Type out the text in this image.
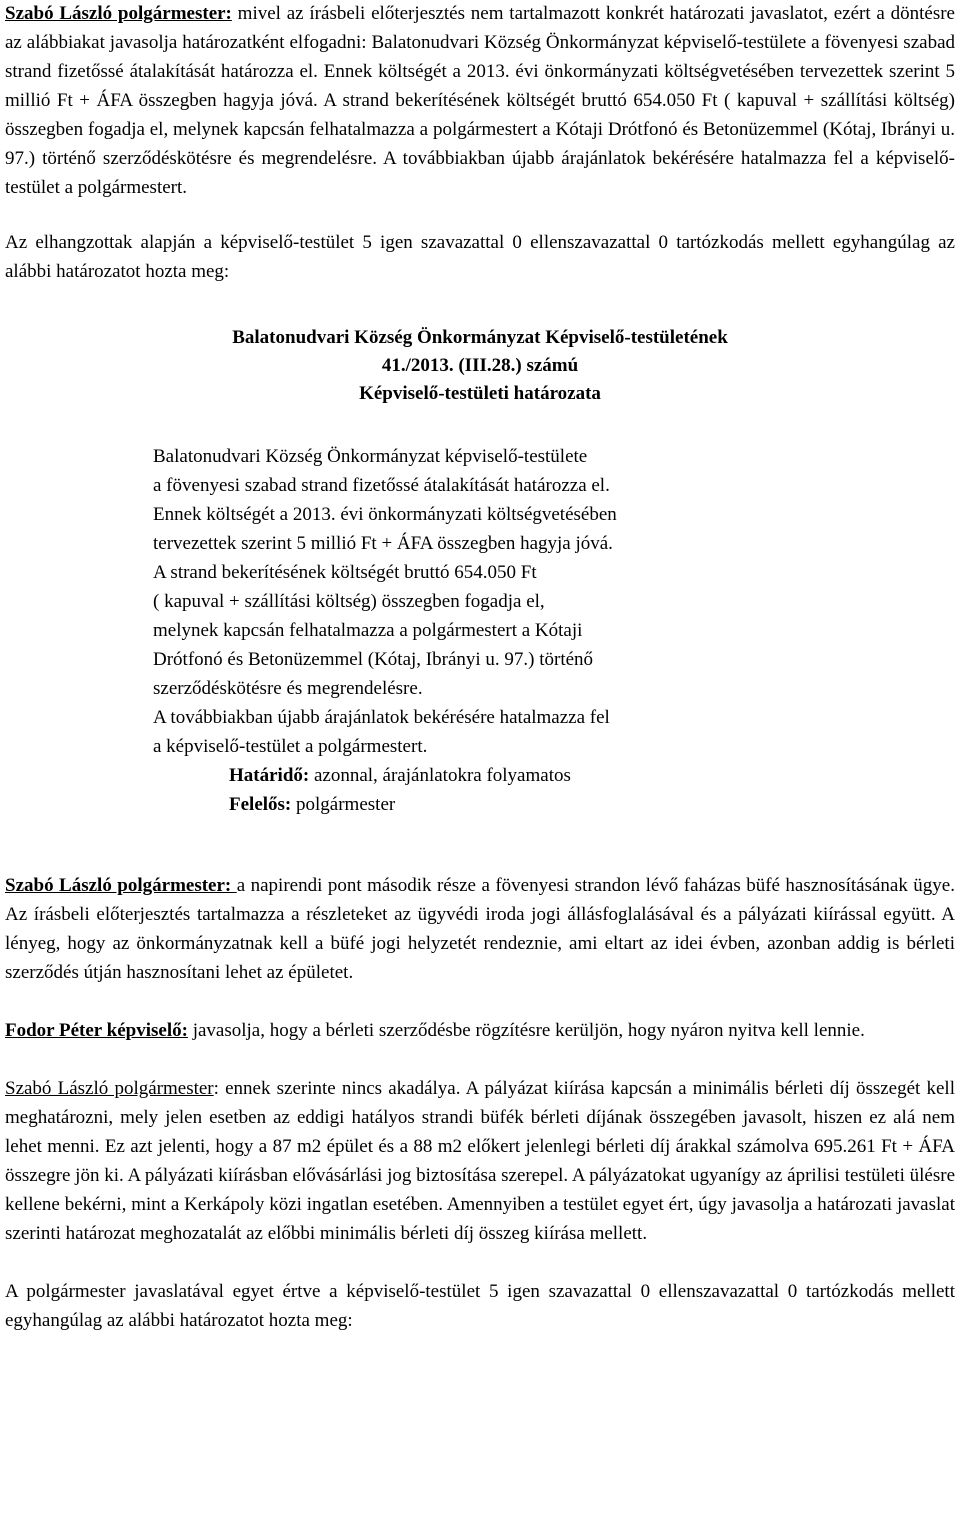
Szabó László polgármester: mivel az írásbeli előterjesztés nem tartalmazott konkrét határozati javaslatot, ezért a döntésre az alábbiakat javasolja határozatként elfogadni: Balatonudvari Község Önkormányzat képviselő-testülete a fövenyesi szabad strand fizetőssé átalakítását határozza el. Ennek költségét a 2013. évi önkormányzati költségvetésében tervezettek szerint 5 millió Ft + ÁFA összegben hagyja jóvá. A strand bekerítésének költségét bruttó 654.050 Ft ( kapuval + szállítási költség) összegben fogadja el, melynek kapcsán felhatalmazza a polgármestert a Kótaji Drótfonó és Betonüzemmel (Kótaj, Ibrányi u. 97.) történő szerződéskötésre és megrendelésre. A továbbiakban újabb árajánlatok bekérésére hatalmazza fel a képviselő- testület a polgármestert.

Az elhangzottak alapján a képviselő-testület 5 igen szavazattal 0 ellenszavazattal 0 tartózkodás mellett egyhangúlag az alábbi határozatot hozta meg:

Balatonudvari Község Önkormányzat Képviselő-testületének

41./2013. (III.28.) számú

Képviselő-testületi határozata

Balatonudvari Község Önkormányzat képviselő-testülete
a fövenyesi szabad strand fizetőssé átalakítását határozza el.
Ennek költségét a 2013. évi önkormányzati költségvetésében
tervezettek szerint 5 millió Ft + ÁFA összegben hagyja jóvá.
A strand bekerítésének költségét bruttó 654.050 Ft
( kapuval + szállítási költség) összegben fogadja el,
melynek kapcsán felhatalmazza a polgármestert a Kótaji
Drótfonó és Betonüzemmel (Kótaj, Ibrányi u. 97.) történő
szerződéskötésre és megrendelésre.
A továbbiakban újabb árajánlatok bekérésére hatalmazza fel
a képviselő-testület a polgármestert.
Határidő: azonnal, árajánlatokra folyamatos
Felelős: polgármester

Szabó László polgármester: a napirendi pont második része a fövenyesi strandon lévő faházas büfé hasznosításának ügye. Az írásbeli előterjesztés tartalmazza a részleteket az ügyvédi iroda jogi állásfoglalásával és a pályázati kiírással együtt. A lényeg, hogy az önkormányzatnak kell a büfé jogi helyzetét rendeznie, ami eltart az idei évben, azonban addig is bérleti szerződés útján hasznosítani lehet az épületet.

Fodor Péter képviselő: javasolja, hogy a bérleti szerződésbe rögzítésre kerüljön, hogy nyáron nyitva kell lennie.

Szabó László polgármester: ennek szerinte nincs akadálya. A pályázat kiírása kapcsán a minimális bérleti díj összegét kell meghatározni, mely jelen esetben az eddigi hatályos strandi büfék bérleti díjának összegében javasolt, hiszen ez alá nem lehet menni. Ez azt jelenti, hogy a 87 m2 épület és a 88 m2 előkert jelenlegi bérleti díj árakkal számolva 695.261 Ft + ÁFA összegre jön ki. A pályázati kiírásban elővásárlási jog biztosítása szerepel. A pályázatokat ugyanígy az áprilisi testületi ülésre kellene bekérni, mint a Kerkápoly közi ingatlan esetében. Amennyiben a testület egyet ért, úgy javasolja a határozati javaslat szerinti határozat meghozatalát az előbbi minimális bérleti díj összeg kiírása mellett.

A polgármester javaslatával egyet értve a képviselő-testület 5 igen szavazattal 0 ellenszavazattal 0 tartózkodás mellett egyhangúlag az alábbi határozatot hozta meg:
